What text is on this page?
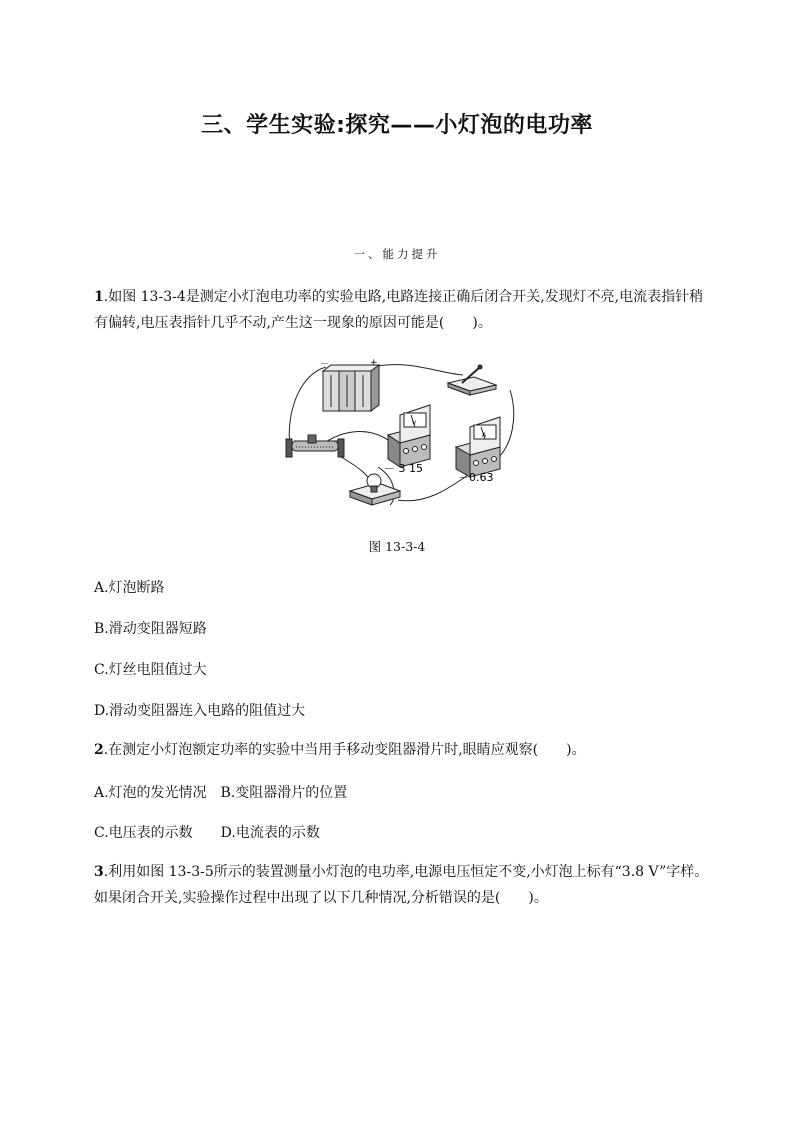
三、学生实验:探究——小灯泡的电功率
一、能力提升
1.如图 13-3-4是测定小灯泡电功率的实验电路,电路连接正确后闭合开关,发现灯不亮,电流表指针稍有偏转,电压表指针几乎不动,产生这一现象的原因可能是(　　)。
－	+
V
－ 3 15
A
－0.63
图 13-3-4
A.灯泡断路
B.滑动变阻器短路
C.灯丝电阻值过大
D.滑动变阻器连入电路的阻值过大
2.在测定小灯泡额定功率的实验中当用手移动变阻器滑片时,眼睛应观察(　　)。
A.灯泡的发光情况　B.变阻器滑片的位置
C.电压表的示数　　D.电流表的示数
3.利用如图 13-3-5所示的装置测量小灯泡的电功率,电源电压恒定不变,小灯泡上标有“3.8 V”字样。如果闭合开关,实验操作过程中出现了以下几种情况,分析错误的是(　　)。
